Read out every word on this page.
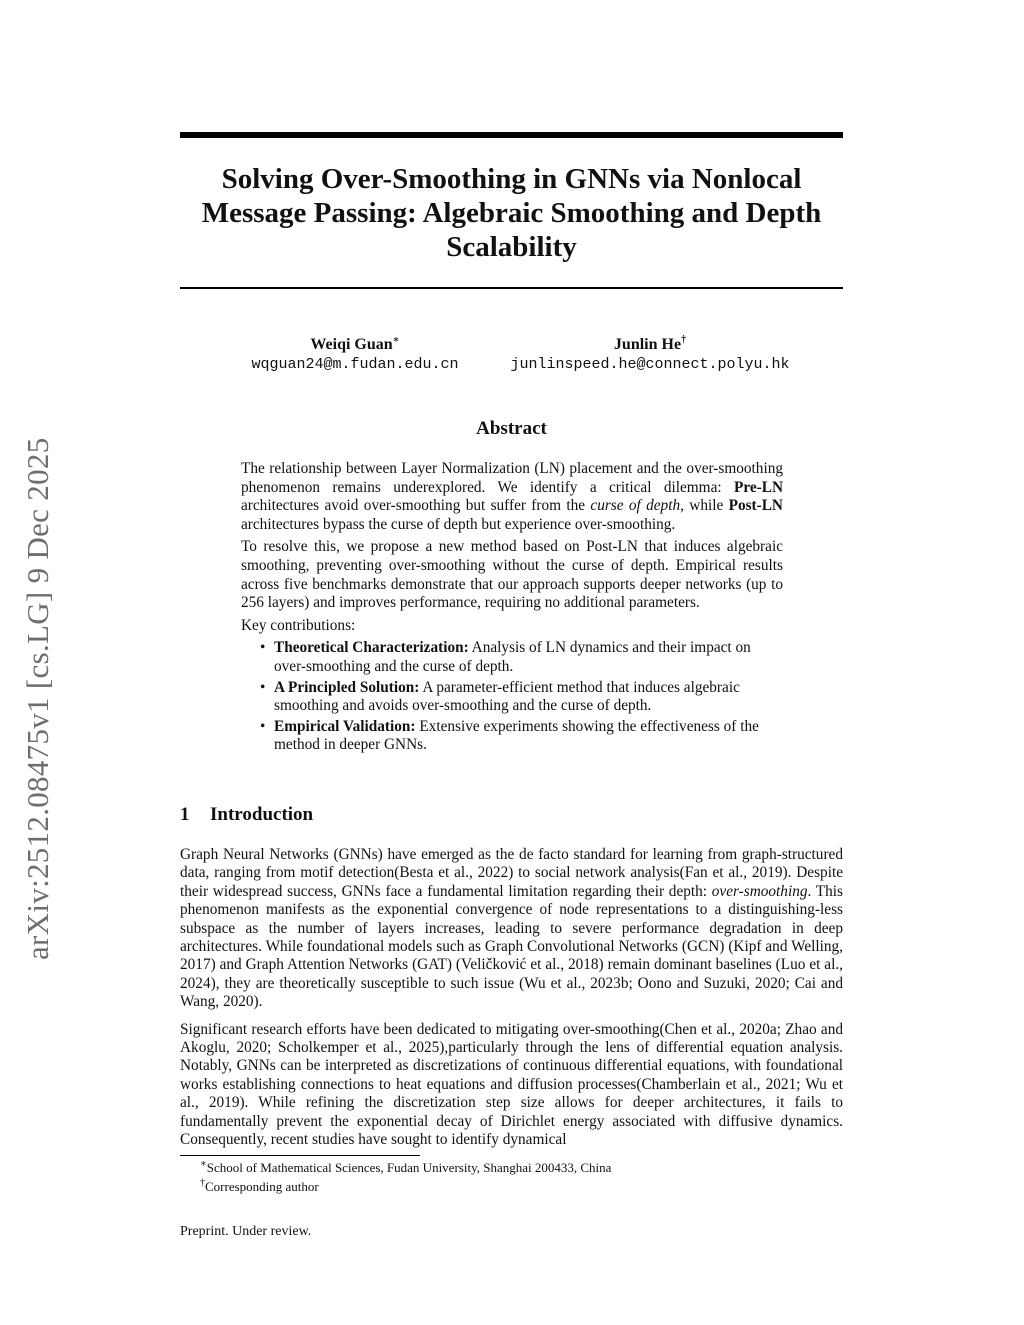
arXiv:2512.08475v1 [cs.LG] 9 Dec 2025
Solving Over-Smoothing in GNNs via Nonlocal Message Passing: Algebraic Smoothing and Depth Scalability
Weiqi Guan∗
wqguan24@m.fudan.edu.cn
Junlin He†
junlinspeed.he@connect.polyu.hk
Abstract

The relationship between Layer Normalization (LN) placement and the over-smoothing phenomenon remains underexplored. We identify a critical dilemma: Pre-LN architectures avoid over-smoothing but suffer from the curse of depth, while Post-LN architectures bypass the curse of depth but experience over-smoothing.

To resolve this, we propose a new method based on Post-LN that induces algebraic smoothing, preventing over-smoothing without the curse of depth. Empirical results across five benchmarks demonstrate that our approach supports deeper networks (up to 256 layers) and improves performance, requiring no additional parameters.

Key contributions:

• Theoretical Characterization: Analysis of LN dynamics and their impact on over-smoothing and the curse of depth.
• A Principled Solution: A parameter-efficient method that induces algebraic smoothing and avoids over-smoothing and the curse of depth.
• Empirical Validation: Extensive experiments showing the effectiveness of the method in deeper GNNs.
1 Introduction

Graph Neural Networks (GNNs) have emerged as the de facto standard for learning from graph-structured data, ranging from motif detection(Besta et al., 2022) to social network analysis(Fan et al., 2019). Despite their widespread success, GNNs face a fundamental limitation regarding their depth: over-smoothing. This phenomenon manifests as the exponential convergence of node representations to a distinguishing-less subspace as the number of layers increases, leading to severe performance degradation in deep architectures. While foundational models such as Graph Convolutional Networks (GCN) (Kipf and Welling, 2017) and Graph Attention Networks (GAT) (Veličković et al., 2018) remain dominant baselines (Luo et al., 2024), they are theoretically susceptible to such issue (Wu et al., 2023b; Oono and Suzuki, 2020; Cai and Wang, 2020).

Significant research efforts have been dedicated to mitigating over-smoothing(Chen et al., 2020a; Zhao and Akoglu, 2020; Scholkemper et al., 2025),particularly through the lens of differential equation analysis. Notably, GNNs can be interpreted as discretizations of continuous differential equations, with foundational works establishing connections to heat equations and diffusion processes(Chamberlain et al., 2021; Wu et al., 2019). While refining the discretization step size allows for deeper architectures, it fails to fundamentally prevent the exponential decay of Dirichlet energy associated with diffusive dynamics. Consequently, recent studies have sought to identify dynamical

∗School of Mathematical Sciences, Fudan University, Shanghai 200433, China
†Corresponding author
Preprint. Under review.
